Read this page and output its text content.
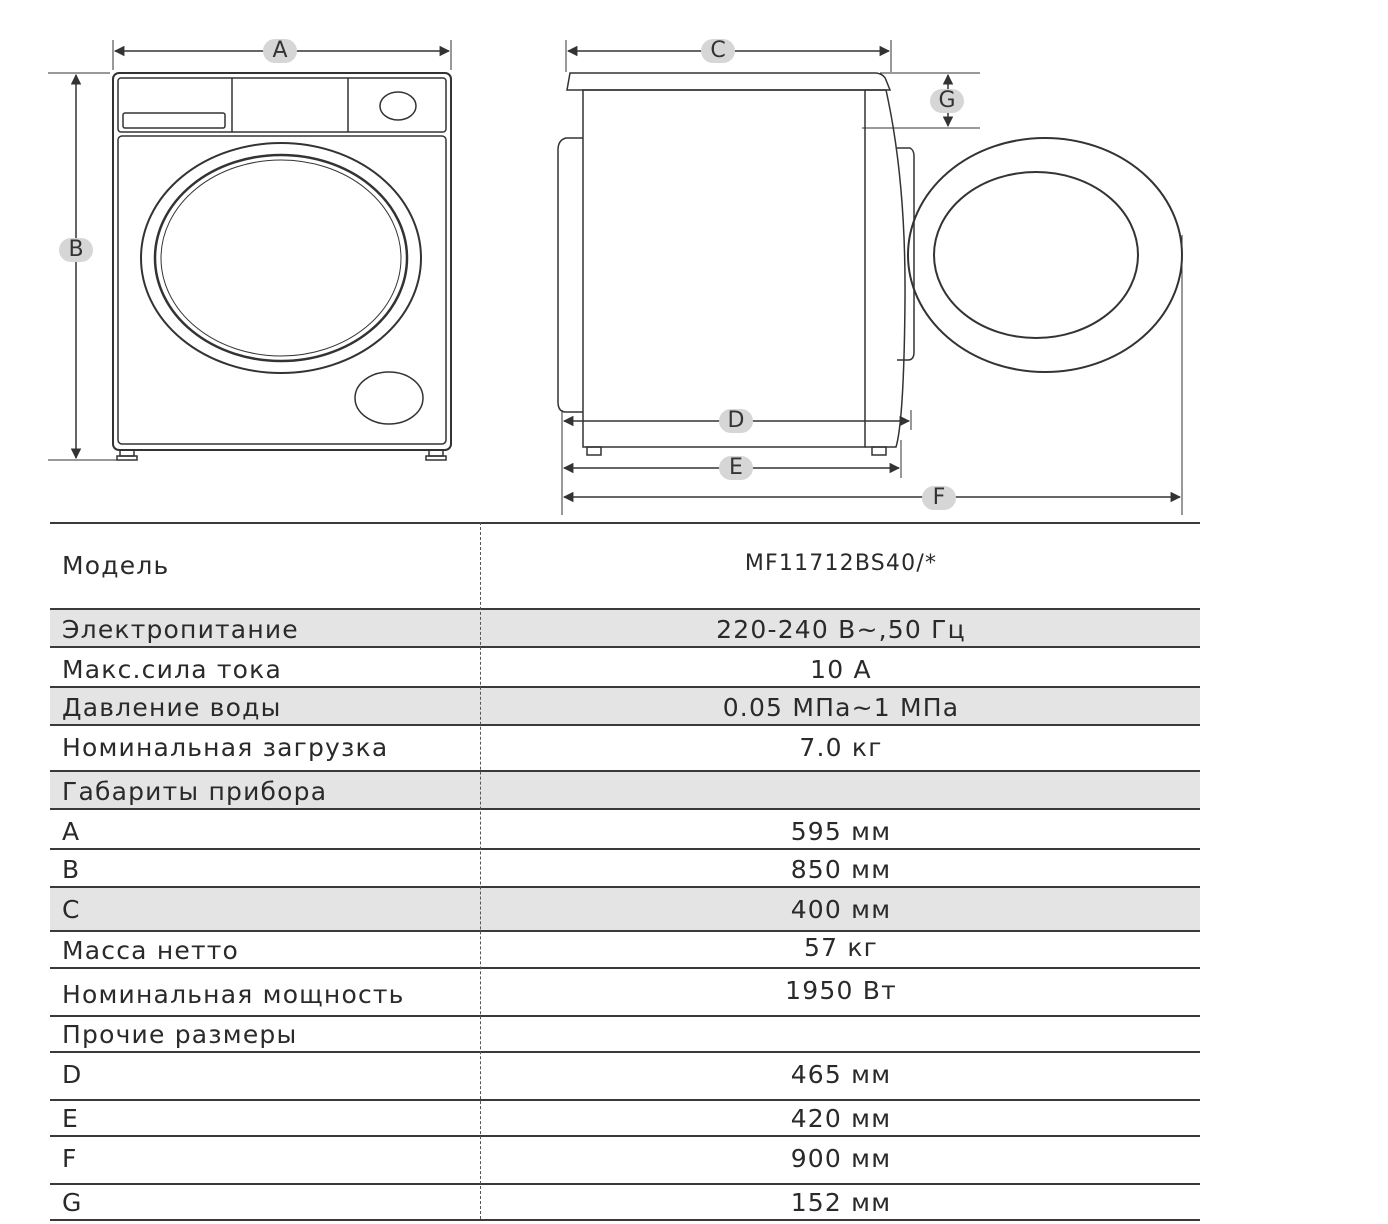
A
B
C
G
D
E
F
Модель	MF11712BS40/*
Электропитание	220-240 В~,50 Гц
Макс.сила тока	10 А
Давление воды	0.05 МПа~1 МПа
Номинальная загрузка	7.0 кг
Габариты прибора
A	595 мм
B	850 мм
C	400 мм
Масса нетто	57 кг
Номинальная мощность	1950 Вт
Прочие размеры
D	465 мм
E	420 мм
F	900 мм
G	152 мм
